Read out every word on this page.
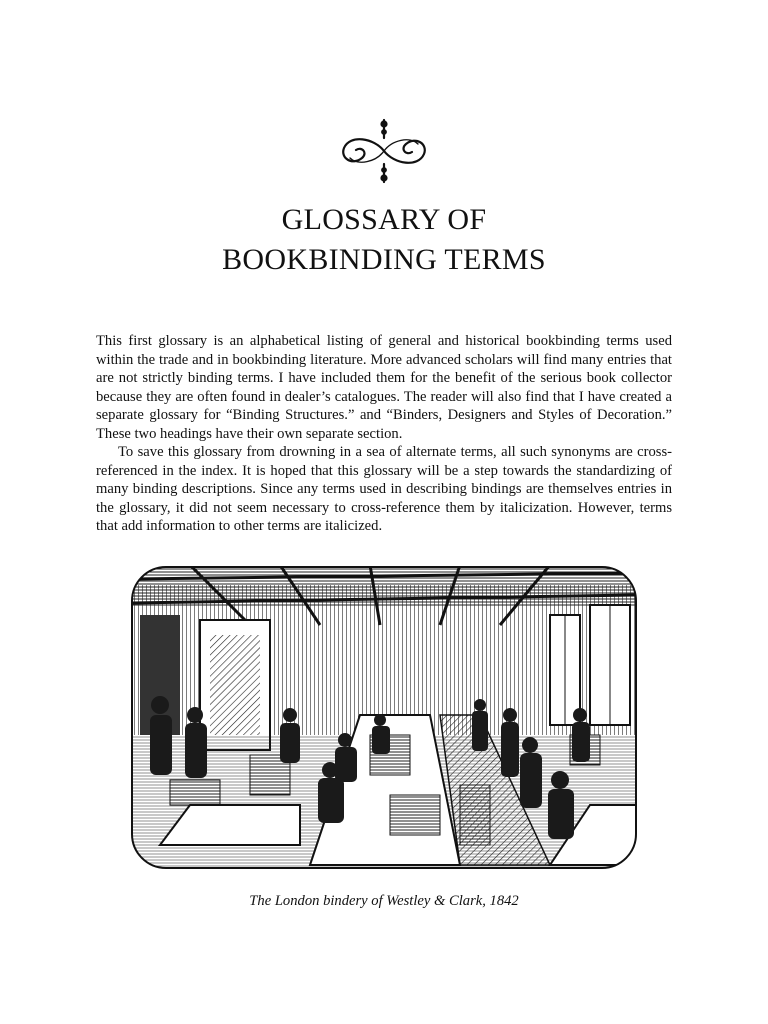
GLOSSARY OF
BOOKBINDING TERMS

This first glossary is an alphabetical listing of general and historical bookbinding terms used within the trade and in bookbinding literature. More advanced scholars will find many entries that are not strictly binding terms. I have included them for the benefit of the serious book collector because they are often found in dealer’s catalogues. The reader will also find that I have created a separate glossary for “Binding Structures.” and “Binders, Designers and Styles of Decoration.” These two headings have their own separate section.

To save this glossary from drowning in a sea of alternate terms, all such synonyms are cross-referenced in the index. It is hoped that this glossary will be a step towards the standardizing of many binding descriptions. Since any terms used in describing bindings are themselves entries in the glossary, it did not seem necessary to cross-reference them by italicization. However, terms that add information to other terms are italicized.

The London bindery of Westley & Clark, 1842
